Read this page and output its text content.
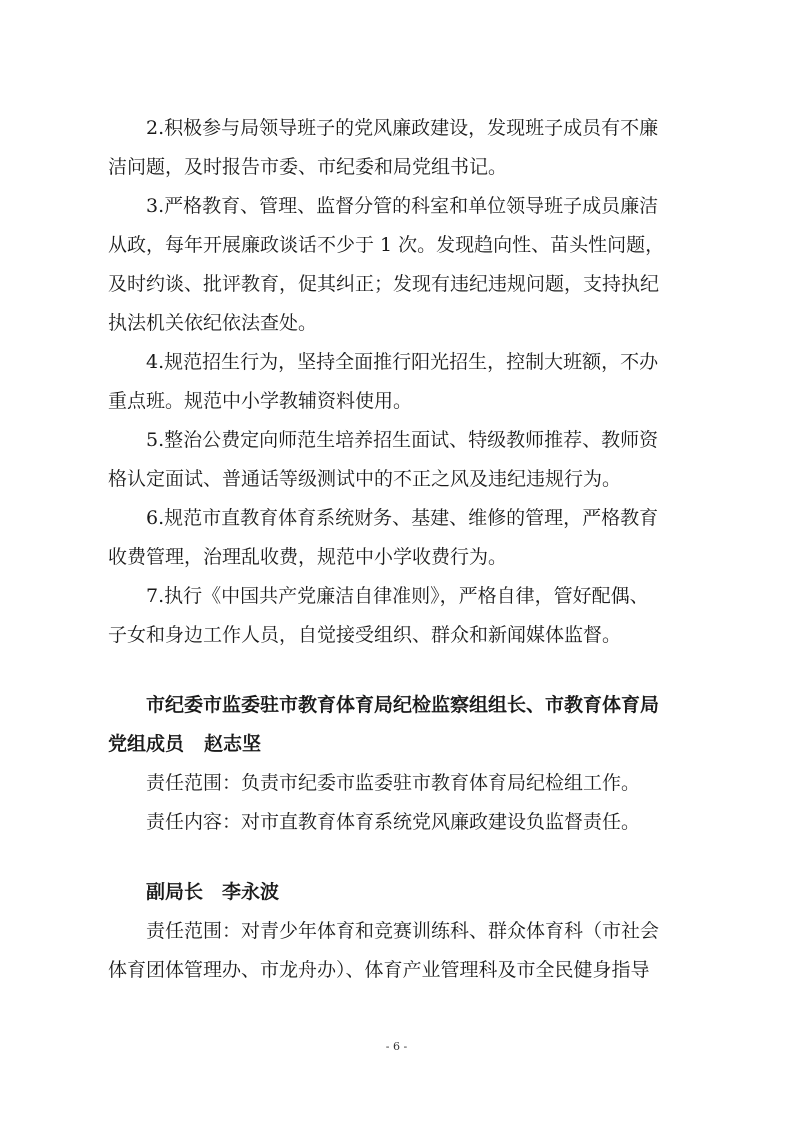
2.积极参与局领导班子的党风廉政建设，发现班子成员有不廉
洁问题，及时报告市委、市纪委和局党组书记。
3.严格教育、管理、监督分管的科室和单位领导班子成员廉洁
从政，每年开展廉政谈话不少于 1 次。发现趋向性、苗头性问题，
及时约谈、批评教育，促其纠正；发现有违纪违规问题，支持执纪
执法机关依纪依法查处。
4.规范招生行为，坚持全面推行阳光招生，控制大班额，不办
重点班。规范中小学教辅资料使用。
5.整治公费定向师范生培养招生面试、特级教师推荐、教师资
格认定面试、普通话等级测试中的不正之风及违纪违规行为。
6.规范市直教育体育系统财务、基建、维修的管理，严格教育
收费管理，治理乱收费，规范中小学收费行为。
7.执行《中国共产党廉洁自律准则》，严格自律，管好配偶、
子女和身边工作人员，自觉接受组织、群众和新闻媒体监督。
市纪委市监委驻市教育体育局纪检监察组组长、市教育体育局
党组成员 赵志坚
责任范围：负责市纪委市监委驻市教育体育局纪检组工作。
责任内容：对市直教育体育系统党风廉政建设负监督责任。
副局长 李永波
责任范围：对青少年体育和竞赛训练科、群众体育科（市社会
体育团体管理办、市龙舟办）、体育产业管理科及市全民健身指导
- 6 -
